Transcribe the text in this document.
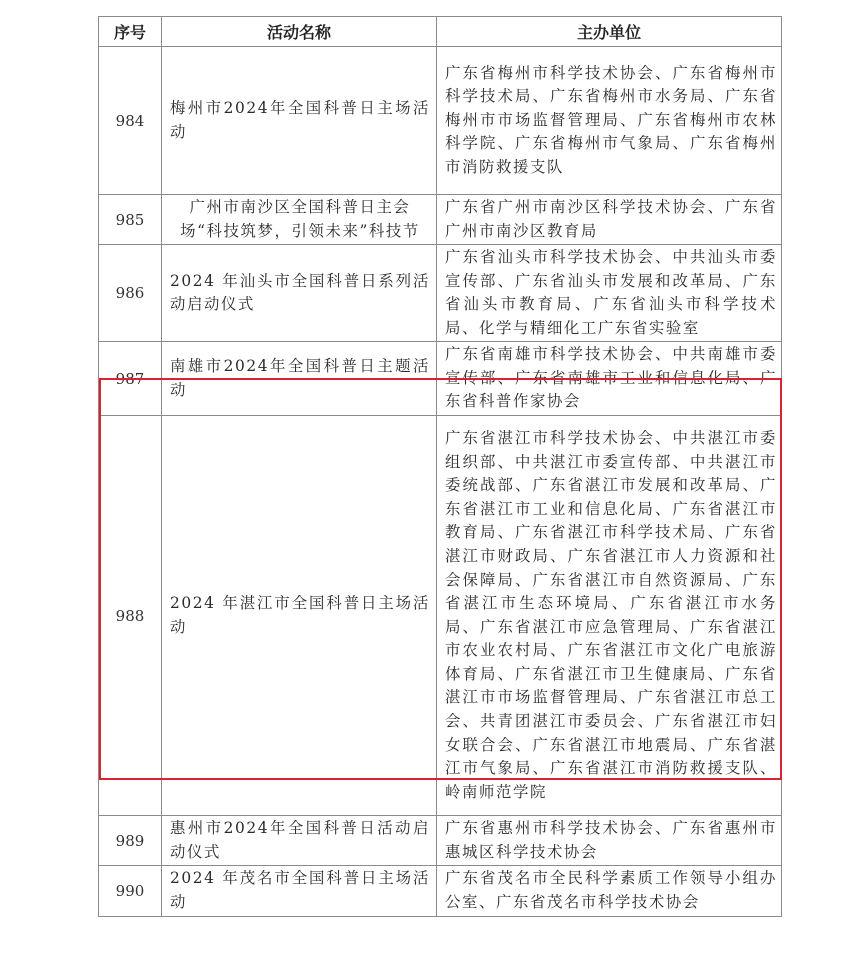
序号	活动名称	主办单位
984	梅州市2024年全国科普日主场活动	广东省梅州市科学技术协会、广东省梅州市科学技术局、广东省梅州市水务局、广东省梅州市市场监督管理局、广东省梅州市农林科学院、广东省梅州市气象局、广东省梅州市消防救援支队
985	广州市南沙区全国科普日主会场“科技筑梦，引领未来”科技节	广东省广州市南沙区科学技术协会、广东省广州市南沙区教育局
986	2024 年汕头市全国科普日系列活动启动仪式	广东省汕头市科学技术协会、中共汕头市委宣传部、广东省汕头市发展和改革局、广东省汕头市教育局、广东省汕头市科学技术局、化学与精细化工广东省实验室
987	南雄市2024年全国科普日主题活动	广东省南雄市科学技术协会、中共南雄市委宣传部、广东省南雄市工业和信息化局、广东省科普作家协会
988	2024 年湛江市全国科普日主场活动	广东省湛江市科学技术协会、中共湛江市委组织部、中共湛江市委宣传部、中共湛江市委统战部、广东省湛江市发展和改革局、广东省湛江市工业和信息化局、广东省湛江市教育局、广东省湛江市科学技术局、广东省湛江市财政局、广东省湛江市人力资源和社会保障局、广东省湛江市自然资源局、广东省湛江市生态环境局、广东省湛江市水务局、广东省湛江市应急管理局、广东省湛江市农业农村局、广东省湛江市文化广电旅游体育局、广东省湛江市卫生健康局、广东省湛江市市场监督管理局、广东省湛江市总工会、共青团湛江市委员会、广东省湛江市妇女联合会、广东省湛江市地震局、广东省湛江市气象局、广东省湛江市消防救援支队、岭南师范学院
989	惠州市2024年全国科普日活动启动仪式	广东省惠州市科学技术协会、广东省惠州市惠城区科学技术协会
990	2024 年茂名市全国科普日主场活动	广东省茂名市全民科学素质工作领导小组办公室、广东省茂名市科学技术协会
